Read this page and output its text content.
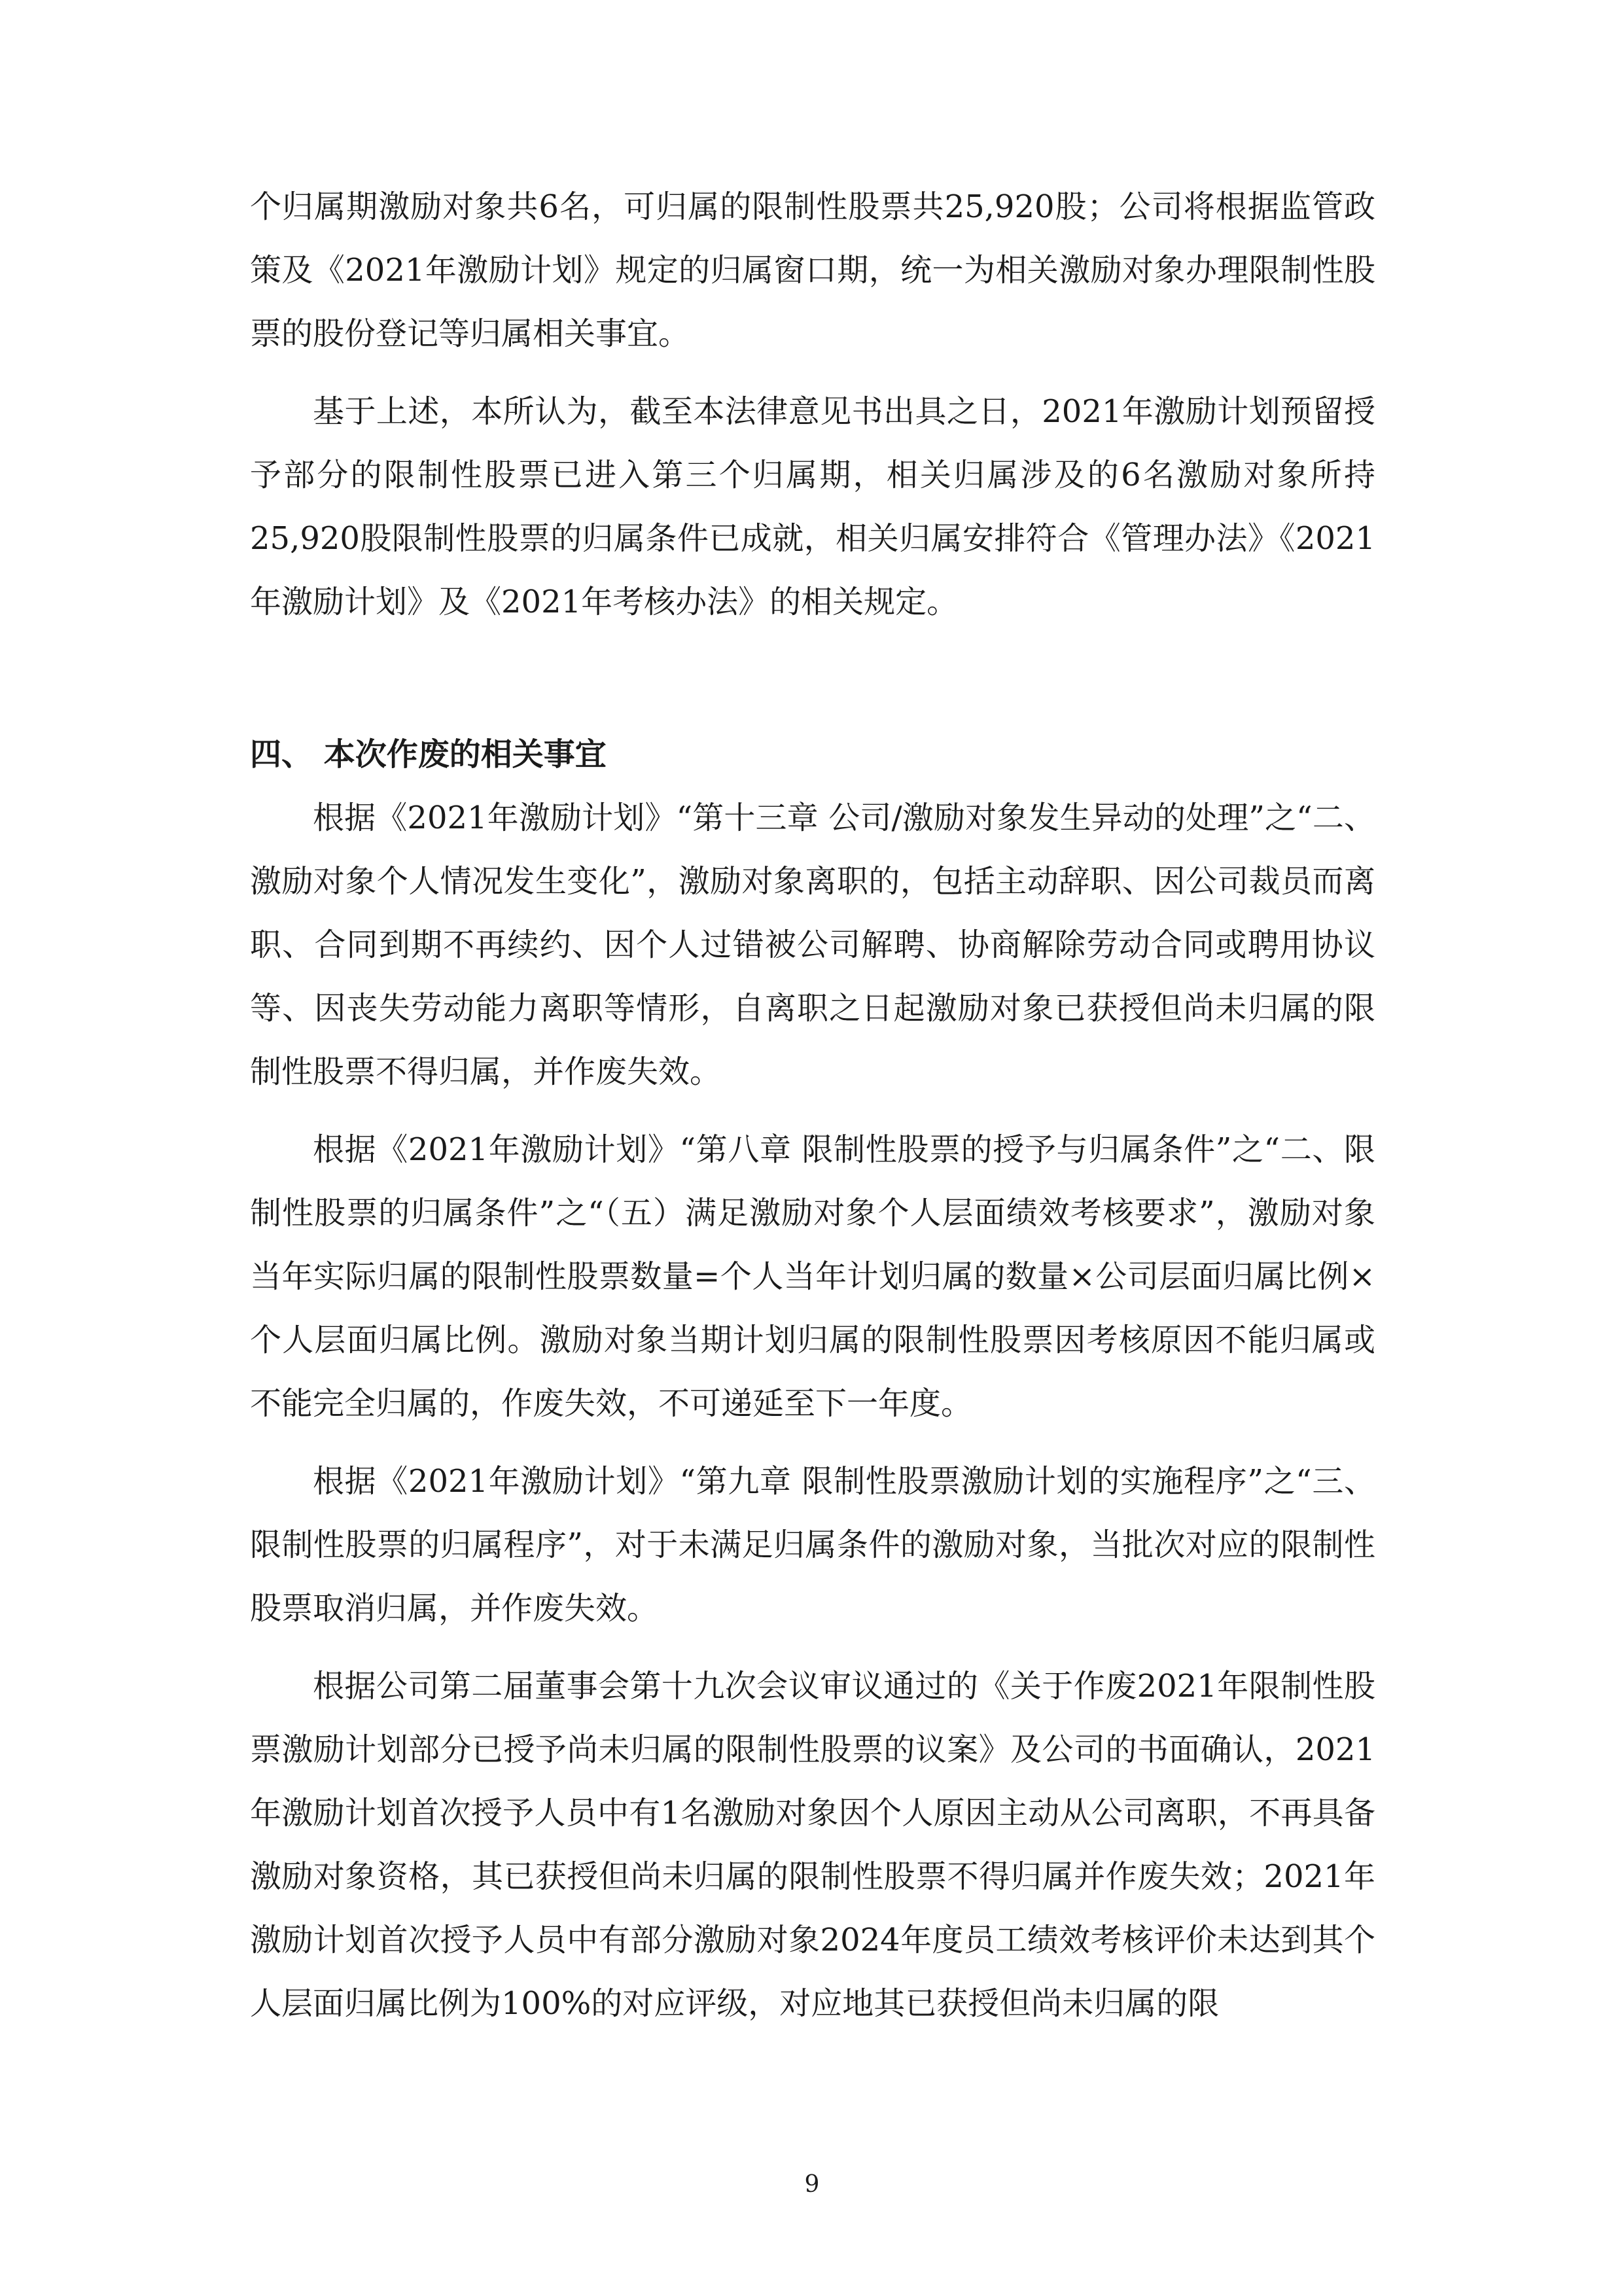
个归属期激励对象共6名，可归属的限制性股票共25,920股；公司将根据监管政策及《2021年激励计划》规定的归属窗口期，统一为相关激励对象办理限制性股票的股份登记等归属相关事宜。

基于上述，本所认为，截至本法律意见书出具之日，2021年激励计划预留授予部分的限制性股票已进入第三个归属期，相关归属涉及的6名激励对象所持25,920股限制性股票的归属条件已成就，相关归属安排符合《管理办法》《2021年激励计划》及《2021年考核办法》的相关规定。

四、 本次作废的相关事宜

根据《2021年激励计划》“第十三章 公司/激励对象发生异动的处理”之“二、激励对象个人情况发生变化”，激励对象离职的，包括主动辞职、因公司裁员而离职、合同到期不再续约、因个人过错被公司解聘、协商解除劳动合同或聘用协议等、因丧失劳动能力离职等情形，自离职之日起激励对象已获授但尚未归属的限制性股票不得归属，并作废失效。

根据《2021年激励计划》“第八章 限制性股票的授予与归属条件”之“二、限制性股票的归属条件”之“（五）满足激励对象个人层面绩效考核要求”，激励对象当年实际归属的限制性股票数量=个人当年计划归属的数量×公司层面归属比例×个人层面归属比例。激励对象当期计划归属的限制性股票因考核原因不能归属或不能完全归属的，作废失效，不可递延至下一年度。

根据《2021年激励计划》“第九章 限制性股票激励计划的实施程序”之“三、限制性股票的归属程序”，对于未满足归属条件的激励对象，当批次对应的限制性股票取消归属，并作废失效。

根据公司第二届董事会第十九次会议审议通过的《关于作废2021年限制性股票激励计划部分已授予尚未归属的限制性股票的议案》及公司的书面确认，2021年激励计划首次授予人员中有1名激励对象因个人原因主动从公司离职，不再具备激励对象资格，其已获授但尚未归属的限制性股票不得归属并作废失效；2021年激励计划首次授予人员中有部分激励对象2024年度员工绩效考核评价未达到其个人层面归属比例为100%的对应评级，对应地其已获授但尚未归属的限

9
